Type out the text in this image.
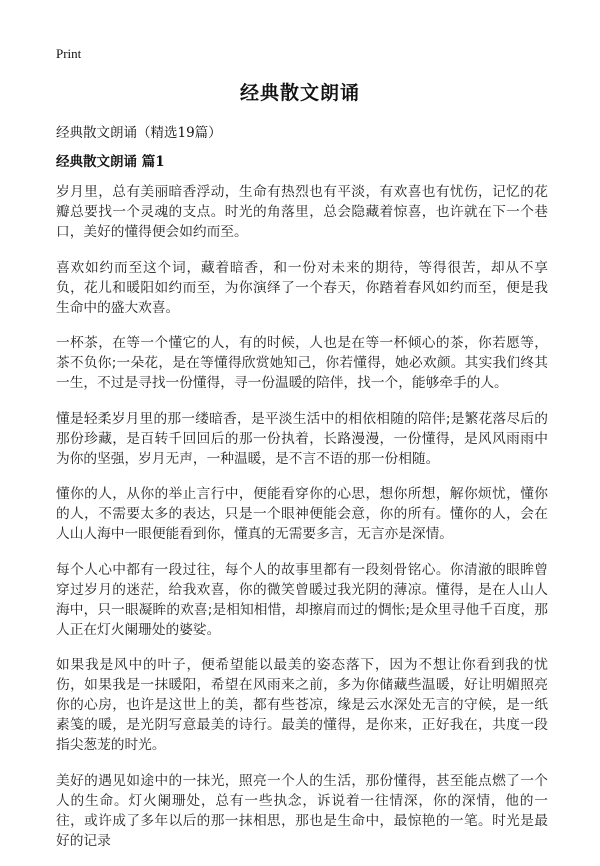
Print
经典散文朗诵

经典散文朗诵（精选19篇）

经典散文朗诵 篇1

岁月里，总有美丽暗香浮动，生命有热烈也有平淡，有欢喜也有忧伤，记忆的花瓣总要找一个灵魂的支点。时光的角落里，总会隐藏着惊喜，也许就在下一个巷口，美好的懂得便会如约而至。

喜欢如约而至这个词，藏着暗香，和一份对未来的期待，等得很苦，却从不享负，花儿和暖阳如约而至，为你演绎了一个春天，你踏着春风如约而至，便是我生命中的盛大欢喜。

一杯茶，在等一个懂它的人，有的时候，人也是在等一杯倾心的茶，你若愿等，茶不负你;一朵花，是在等懂得欣赏她知己，你若懂得，她必欢颜。其实我们终其一生，不过是寻找一份懂得，寻一份温暖的陪伴，找一个，能够牵手的人。

懂是轻柔岁月里的那一缕暗香，是平淡生活中的相依相随的陪伴;是繁花落尽后的那份珍藏，是百转千回回后的那一份执着，长路漫漫，一份懂得，是风风雨雨中为你的坚强，岁月无声，一种温暖，是不言不语的那一份相随。

懂你的人，从你的举止言行中，便能看穿你的心思，想你所想，解你烦忧，懂你的人，不需要太多的表达，只是一个眼神便能会意，你的所有。懂你的人，会在人山人海中一眼便能看到你，懂真的无需要多言，无言亦是深情。

每个人心中都有一段过往，每个人的故事里都有一段刻骨铭心。你清澈的眼眸曾穿过岁月的迷茫，给我欢喜，你的微笑曾暖过我光阴的薄凉。懂得，是在人山人海中，只一眼凝眸的欢喜;是相知相惜，却擦肩而过的惆怅;是众里寻他千百度，那人正在灯火阑珊处的婆娑。

如果我是风中的叶子，便希望能以最美的姿态落下，因为不想让你看到我的忧伤，如果我是一抹暖阳，希望在风雨来之前，多为你储藏些温暖，好让明媚照亮你的心房，也许是这世上的美，都有些苍凉，缘是云水深处无言的守候，是一纸素笺的暖，是光阴写意最美的诗行。最美的懂得，是你来，正好我在，共度一段指尖葱茏的时光。

美好的遇见如途中的一抹光，照亮一个人的生活，那份懂得，甚至能点燃了一个人的生命。灯火阑珊处，总有一些执念，诉说着一往情深，你的深情，他的一往，或许成了多年以后的那一抹相思，那也是生命中，最惊艳的一笔。时光是最好的记录
